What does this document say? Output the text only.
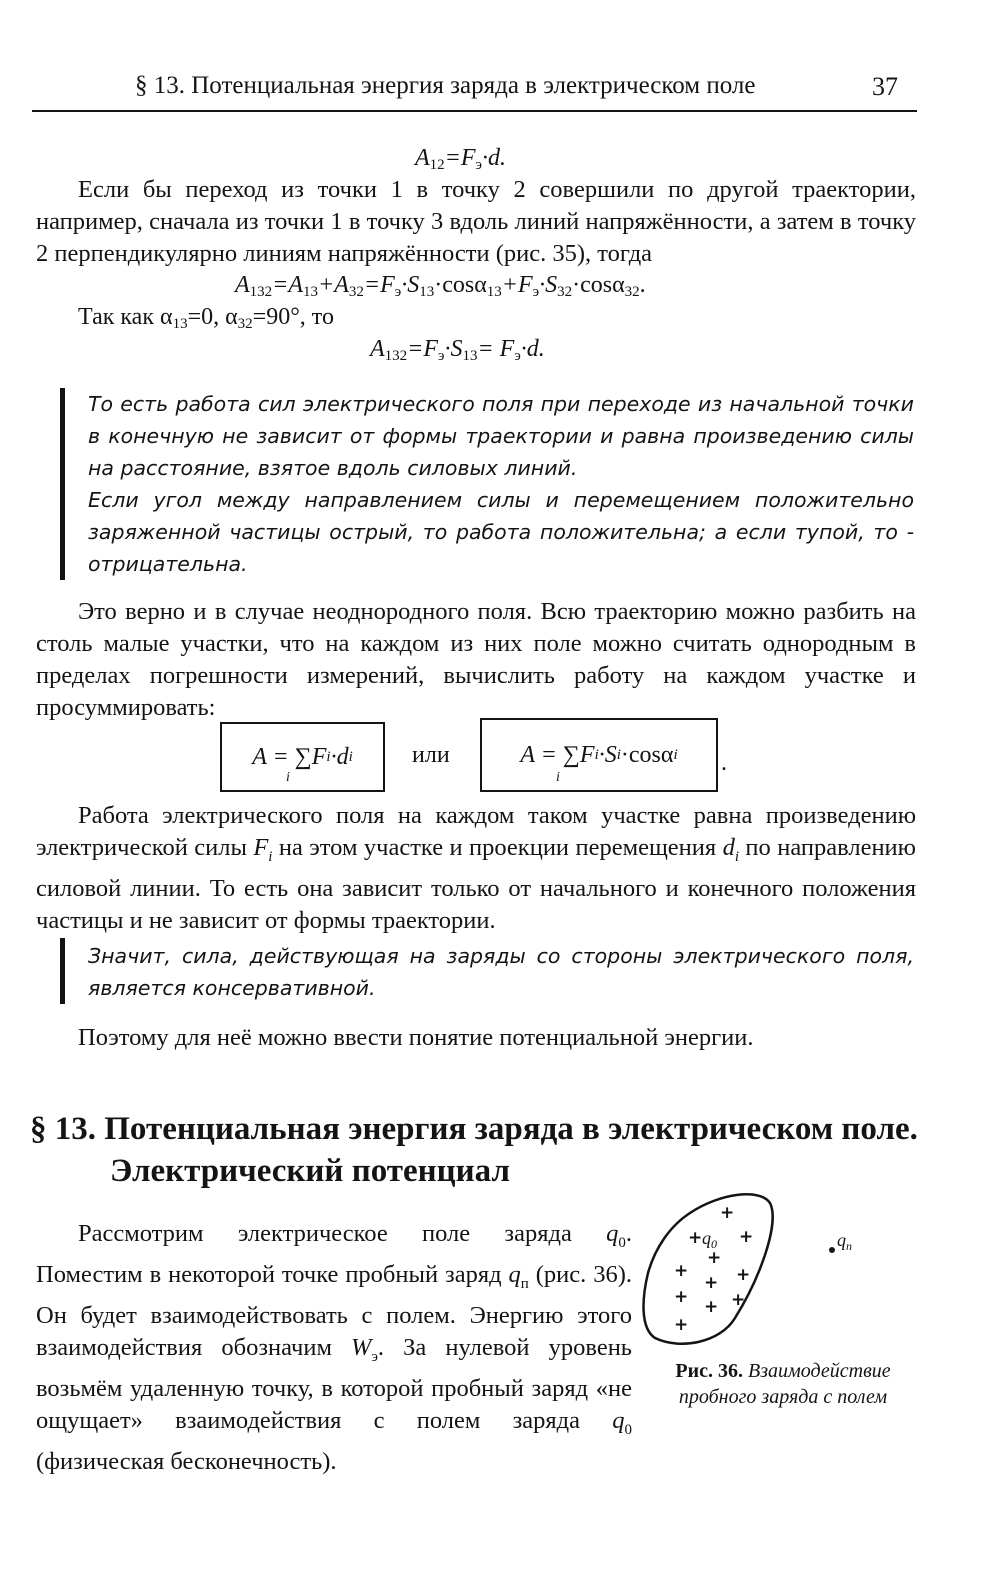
§ 13. Потенциальная энергия заряда в электрическом поле	37
$A_{12}=F_э\cdot d$.
Если бы переход из точки 1 в точку 2 совершили по другой траектории, например, сначала из точки 1 в точку 3 вдоль линий напряжённости, а затем в точку 2 перпендикулярно линиям напряжённости (рис. 35), тогда
$A_{132}=A_{13}+A_{32}=F_э\cdot S_{13}\cdot\cos\alpha_{13}+F_э\cdot S_{32}\cdot\cos\alpha_{32}$.
Так как $\alpha_{13}=0$, $\alpha_{32}=90^\circ$, то
$A_{132}=F_э\cdot S_{13}= F_э\cdot d$.
То есть работа сил электрического поля при переходе из начальной точки в конечную не зависит от формы траектории и равна произведению силы на расстояние, взятое вдоль силовых линий.
Если угол между направлением силы и перемещением положительно заряженной частицы острый, то работа положительна; а если тупой, то - отрицательна.
Это верно и в случае неоднородного поля. Всю траекторию можно разбить на столь малые участки, что на каждом из них поле можно считать однородным в пределах погрешности измерений, вычислить работу на каждом участке и просуммировать:
A = ∑F i ·d i
i
или	A = ∑F i ·S i ·cosα i
i
.
Работа электрического поля на каждом таком участке равна произведению электрической силы $F_i$ на этом участке и проекции перемещения $d_i$ по направлению силовой линии. То есть она зависит только от начального и конечного положения частицы и не зависит от формы траектории.
Значит, сила, действующая на заряды со стороны электрического поля, является консервативной.
Поэтому для неё можно ввести понятие потенциальной энергии.
§ 13. Потенциальная энергия заряда в электрическом поле.
Электрический потенциал
Рассмотрим электрическое поле заряда $q_0$. Поместим в некоторой точке пробный заряд $q_п$ (рис. 36). Он будет взаимодействовать с полем. Энергию этого взаимодействия обозначим $W_э$. За нулевой уровень возьмём удаленную точку, в которой пробный заряд «не ощущает» взаимодействия с полем заряда $q_0$ (физическая бесконечность).
+
+ +
+
+	+
+
+	+
+
+
$q_0$	$q_п$
Рис. 36. Взаимодействие пробного заряда с полем
